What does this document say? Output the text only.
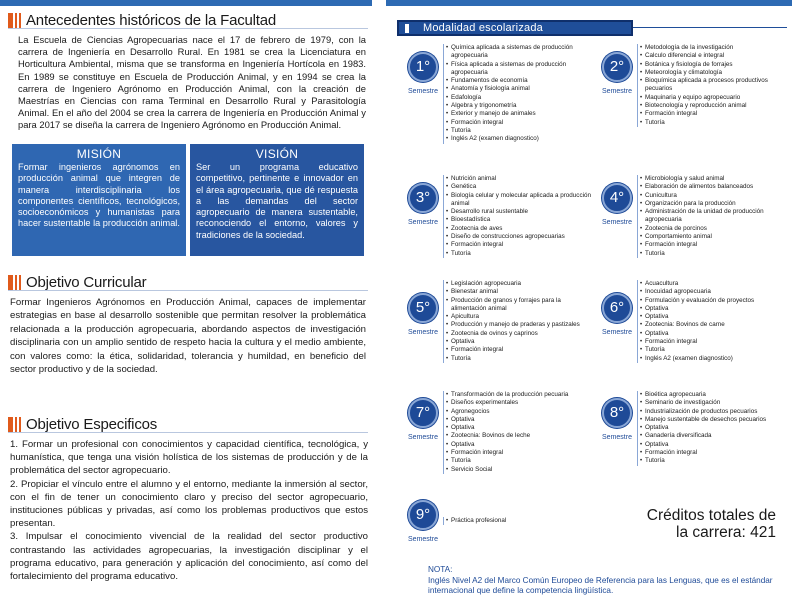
Antecedentes históricos de la Facultad

La Escuela de Ciencias Agropecuarias nace el 17 de febrero de 1979, con la carrera de Ingeniería en Desarrollo Rural. En 1981 se crea la Licenciatura en Horticultura Ambiental, misma que se transforma en Ingeniería Hortícola en 1983. En 1989 se constituye en Escuela de Producción Animal, y en 1994 se crea la carrera de Ingeniero Agrónomo en Producción Animal, con la creación de Maestrías en Ciencias con rama Terminal en Desarrollo Rural y Parasitología Animal. En el año del 2004 se crea la carrera de Ingeniería en Producción Animal y para 2017 se diseña la carrera de Ingeniero Agrónomo en Producción Animal.

MISIÓN

Formar ingenieros agrónomos en producción animal que integren de manera interdisciplinaria los componentes científicos, tecnológicos, socioeconómicos y humanistas para hacer sustentable la producción animal.

VISIÓN

Ser un programa educativo competitivo, pertinente e innovador en el área agropecuaria, que dé respuesta a las demandas del sector agropecuario de manera sustentable, reconociendo el entorno, valores y tradiciones de la sociedad.

Objetivo Curricular

Formar Ingenieros Agrónomos en Producción Animal, capaces de implementar estrategias en base al desarrollo sostenible que permitan resolver la problemática relacionada a la producción agropecuaria, abordando aspectos de investigación disciplinaria con un amplio sentido de respeto hacia la cultura y el medio ambiente, con valores como: la ética, solidaridad, tolerancia y humildad, en beneficio del sector productivo y de la sociedad.

Objetivo Especificos

1. Formar un profesional con conocimientos y capacidad científica, tecnológica, y humanística, que tenga una visión holística de los sistemas de producción y de la problemática del sector agropecuario.

2. Propiciar el vínculo entre el alumno y el entorno, mediante la inmersión al sector, con el fin de tener un conocimiento claro y preciso del sector agropecuario, instituciones públicas y privadas, así como los problemas productivos que estos presentan.

3. Impulsar el conocimiento vivencial de la realidad del sector productivo contrastando las actividades agropecuarias, la investigación disciplinar y el programa educativo, para generación y aplicación del conocimiento, así como del fortalecimiento del programa educativo.

Modalidad escolarizada
1°
Semestre
• Química aplicada a sistemas de producción agropecuaria
• Física aplicada a sistemas de producción agropecuaria
• Fundamentos de economía
• Anatomía y fisiología animal
• Edafología
• Algebra y trigonometría
• Exterior y manejo de animales
• Formación integral
• Tutoría
• Inglés A2 (examen diagnostico)
2°
Semestre
• Metodología de la investigación
• Calculo diferencial e integral
• Botánica y fisiología de forrajes
• Meteorología y climatología
• Bioquímica aplicada a procesos productivos pecuarios
• Maquinaria y equipo agropecuario
• Biotecnología y reproducción animal
• Formación integral
• Tutoría
3°
Semestre
• Nutrición animal
• Genética
• Biología celular y molecular aplicada a producción animal
• Desarrollo rural sustentable
• Bioestadística
• Zootecnia de aves
• Diseño de construcciones agropecuarias
• Formación integral
• Tutoría
4°
Semestre
• Microbiología y salud animal
• Elaboración de alimentos balanceados
• Cunicultura
• Organización para la producción
• Administración de la unidad de producción agropecuaria
• Zootecnia de porcinos
• Comportamiento animal
• Formación integral
• Tutoría
5°
Semestre
• Legislación agropecuaria
• Bienestar animal
• Producción de granos y forrajes para la alimentación animal
• Apicultura
• Producción y manejo de praderas y pastizales
• Zootecnia de ovinos y caprinos
• Optativa
• Formación integral
• Tutoría
6°
Semestre
• Acuacultura
• Inocuidad agropecuaria
• Formulación y evaluación de proyectos
• Optativa
• Optativa
• Zootecnia: Bovinos de carne
• Optativa
• Formación integral
• Tutoría
• Inglés A2 (examen diagnostico)
7°
Semestre
• Transformación de la producción pecuaria
• Diseños experimentales
• Agronegocios
• Optativa
• Optativa
• Zootecnia: Bovinos de leche
• Optativa
• Formación integral
• Tutoría
• Servicio Social
8°
Semestre
• Bioética agropecuaria
• Seminario de investigación
• Industrialización de productos pecuarios
• Manejo sustentable de desechos pecuarios
• Optativa
• Ganadería diversificada
• Optativa
• Formación integral
• Tutoría
9°
Semestre
• Práctica profesional	Créditos totales de
la carrera: 421
NOTA:
Inglés Nivel A2 del Marco Común Europeo de Referencia para las Lenguas, que es el estándar internacional que define la competencia lingüística.
